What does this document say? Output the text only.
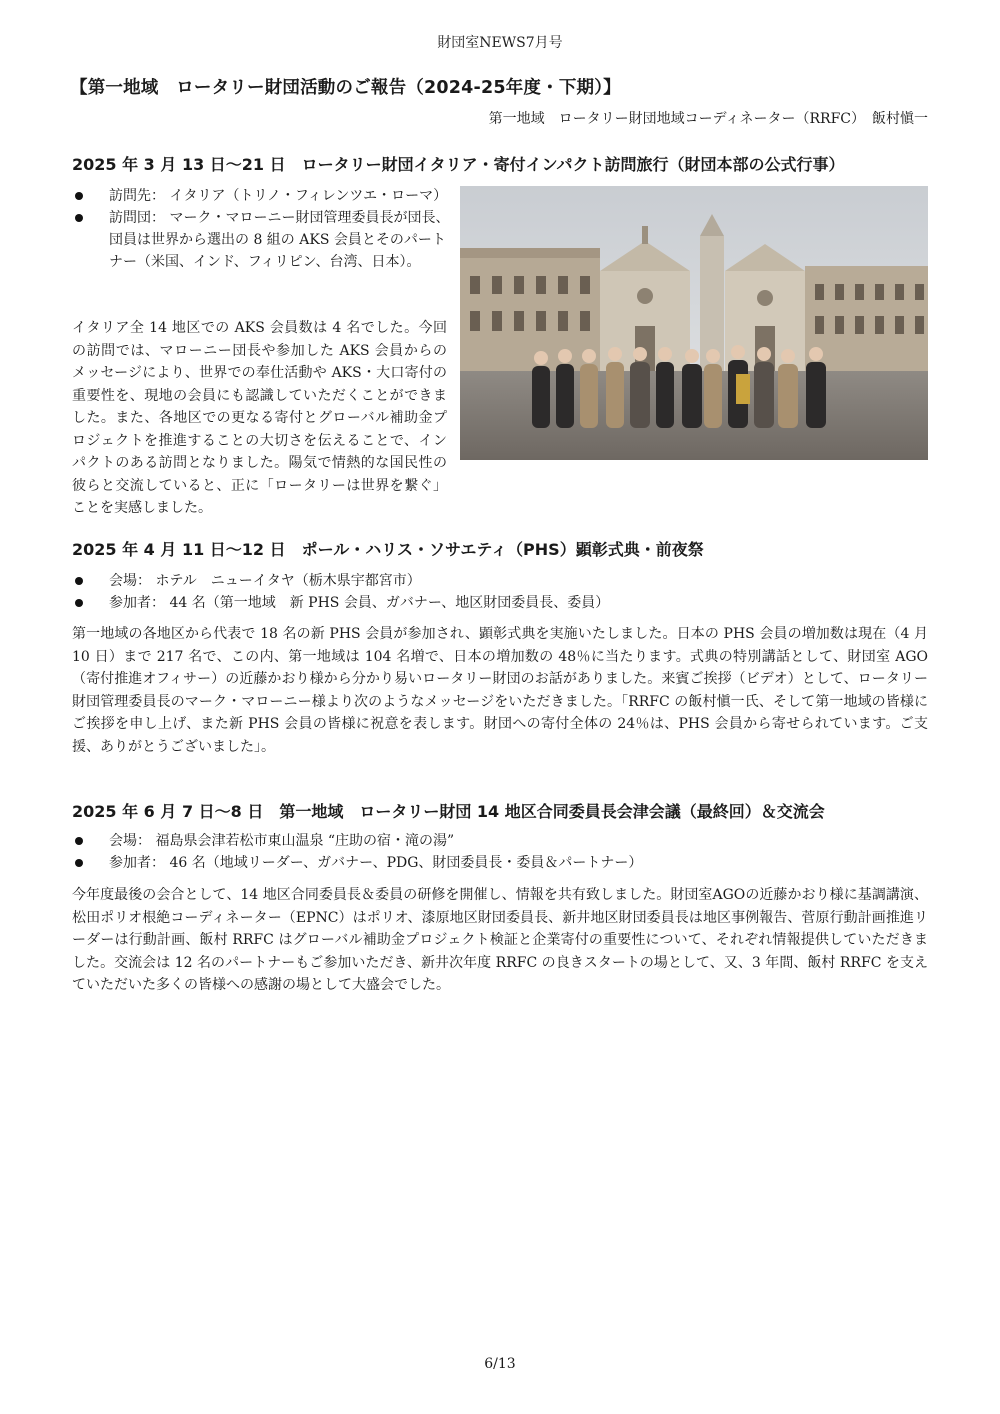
財団室NEWS7月号
【第一地域　ロータリー財団活動のご報告（2024-25年度・下期）】
第一地域　ロータリー財団地域コーディネーター（RRFC）　飯村愼一
2025 年 3 月 13 日～21 日　ロータリー財団イタリア・寄付インパクト訪問旅行（財団本部の公式行事）
訪問先： イタリア（トリノ・フィレンツエ・ローマ）
訪問団： マーク・マローニー財団管理委員長が団長、団員は世界から選出の 8 組の AKS 会員とそのパートナー（米国、インド、フィリピン、台湾、日本）。

イタリア全 14 地区での AKS 会員数は 4 名でした。今回の訪問では、マローニー団長や参加した AKS 会員からのメッセージにより、世界での奉仕活動や AKS・大口寄付の重要性を、現地の会員にも認識していただくことができました。また、各地区での更なる寄付とグローバル補助金プロジェクトを推進することの大切さを伝えることで、インパクトのある訪問となりました。陽気で情熱的な国民性の彼らと交流していると、正に「ロータリーは世界を繋ぐ」ことを実感しました。

2025 年 4 月 11 日～12 日　ポール・ハリス・ソサエティ（PHS）顕彰式典・前夜祭
会場： ホテル　ニューイタヤ（栃木県宇都宮市）
参加者： 44 名（第一地域　新 PHS 会員、ガバナー、地区財団委員長、委員）

第一地域の各地区から代表で 18 名の新 PHS 会員が参加され、顕彰式典を実施いたしました。日本の PHS 会員の増加数は現在（4 月 10 日）まで 217 名で、この内、第一地域は 104 名増で、日本の増加数の 48％に当たります。式典の特別講話として、財団室 AGO（寄付推進オフィサー）の近藤かおり様から分かり易いロータリー財団のお話がありました。来賓ご挨拶（ビデオ）として、ロータリー財団管理委員長のマーク・マローニー様より次のようなメッセージをいただきました。「RRFC の飯村愼一氏、そして第一地域の皆様にご挨拶を申し上げ、また新 PHS 会員の皆様に祝意を表します。財団への寄付全体の 24％は、PHS 会員から寄せられています。ご支援、ありがとうございました」。

2025 年 6 月 7 日～8 日　第一地域　ロータリー財団 14 地区合同委員長会津会議（最終回）＆交流会
会場： 福島県会津若松市東山温泉 “庄助の宿・滝の湯”
参加者： 46 名（地域リーダー、ガバナー、PDG、財団委員長・委員＆パートナー）

今年度最後の会合として、14 地区合同委員長＆委員の研修を開催し、情報を共有致しました。財団室AGOの近藤かおり様に基調講演、松田ポリオ根絶コーディネーター（EPNC）はポリオ、漆原地区財団委員長、新井地区財団委員長は地区事例報告、菅原行動計画推進リーダーは行動計画、飯村 RRFC はグローバル補助金プロジェクト検証と企業寄付の重要性について、それぞれ情報提供していただきました。交流会は 12 名のパートナーもご参加いただき、新井次年度 RRFC の良きスタートの場として、又、3 年間、飯村 RRFC を支えていただいた多くの皆様への感謝の場として大盛会でした。

6/13
